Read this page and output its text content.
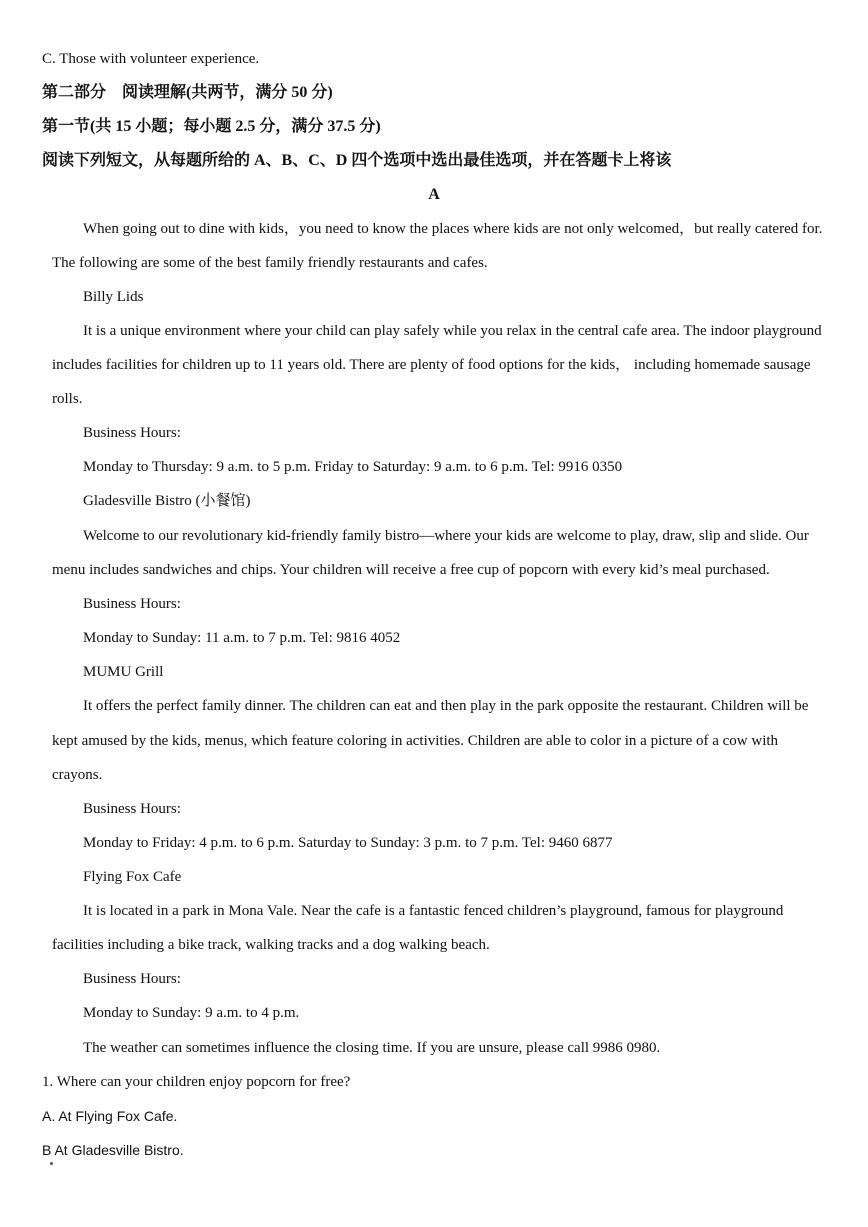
C. Those with volunteer experience.
第二部分　阅读理解(共两节，满分 50 分)
第一节(共 15 小题；每小题 2.5 分，满分 37.5 分)
阅读下列短文，从每题所给的 A、B、C、D 四个选项中选出最佳选项，并在答题卡上将该
A
When going out to dine with kids，you need to know the places where kids are not only welcomed，but really catered for.
The following are some of the best family friendly restaurants and cafes.
Billy Lids
It is a unique environment where your child can play safely while you relax in the central cafe area. The indoor playground
includes facilities for children up to 11 years old. There are plenty of food options for the kids， including homemade sausage
rolls.
Business Hours:
Monday to Thursday: 9 a.m. to 5 p.m. Friday to Saturday: 9 a.m. to 6 p.m. Tel: 9916 0350
Gladesville Bistro (小餐馆)
Welcome to our revolutionary kid-friendly family bistro—where your kids are welcome to play, draw, slip and slide. Our
menu includes sandwiches and chips. Your children will receive a free cup of popcorn with every kid’s meal purchased.
Business Hours:
Monday to Sunday: 11 a.m. to 7 p.m. Tel: 9816 4052
MUMU Grill
It offers the perfect family dinner. The children can eat and then play in the park opposite the restaurant. Children will be
kept amused by the kids, menus, which feature coloring in activities. Children are able to color in a picture of a cow with
crayons.
Business Hours:
Monday to Friday: 4 p.m. to 6 p.m. Saturday to Sunday: 3 p.m. to 7 p.m. Tel: 9460 6877
Flying Fox Cafe
It is located in a park in Mona Vale. Near the cafe is a fantastic fenced children’s playground, famous for playground
facilities including a bike track, walking tracks and a dog walking beach.
Business Hours:
Monday to Sunday: 9 a.m. to 4 p.m.
The weather can sometimes influence the closing time. If you are unsure, please call 9986 0980.
1. Where can your children enjoy popcorn for free?
A. At Flying Fox Cafe.
B At Gladesville Bistro.
